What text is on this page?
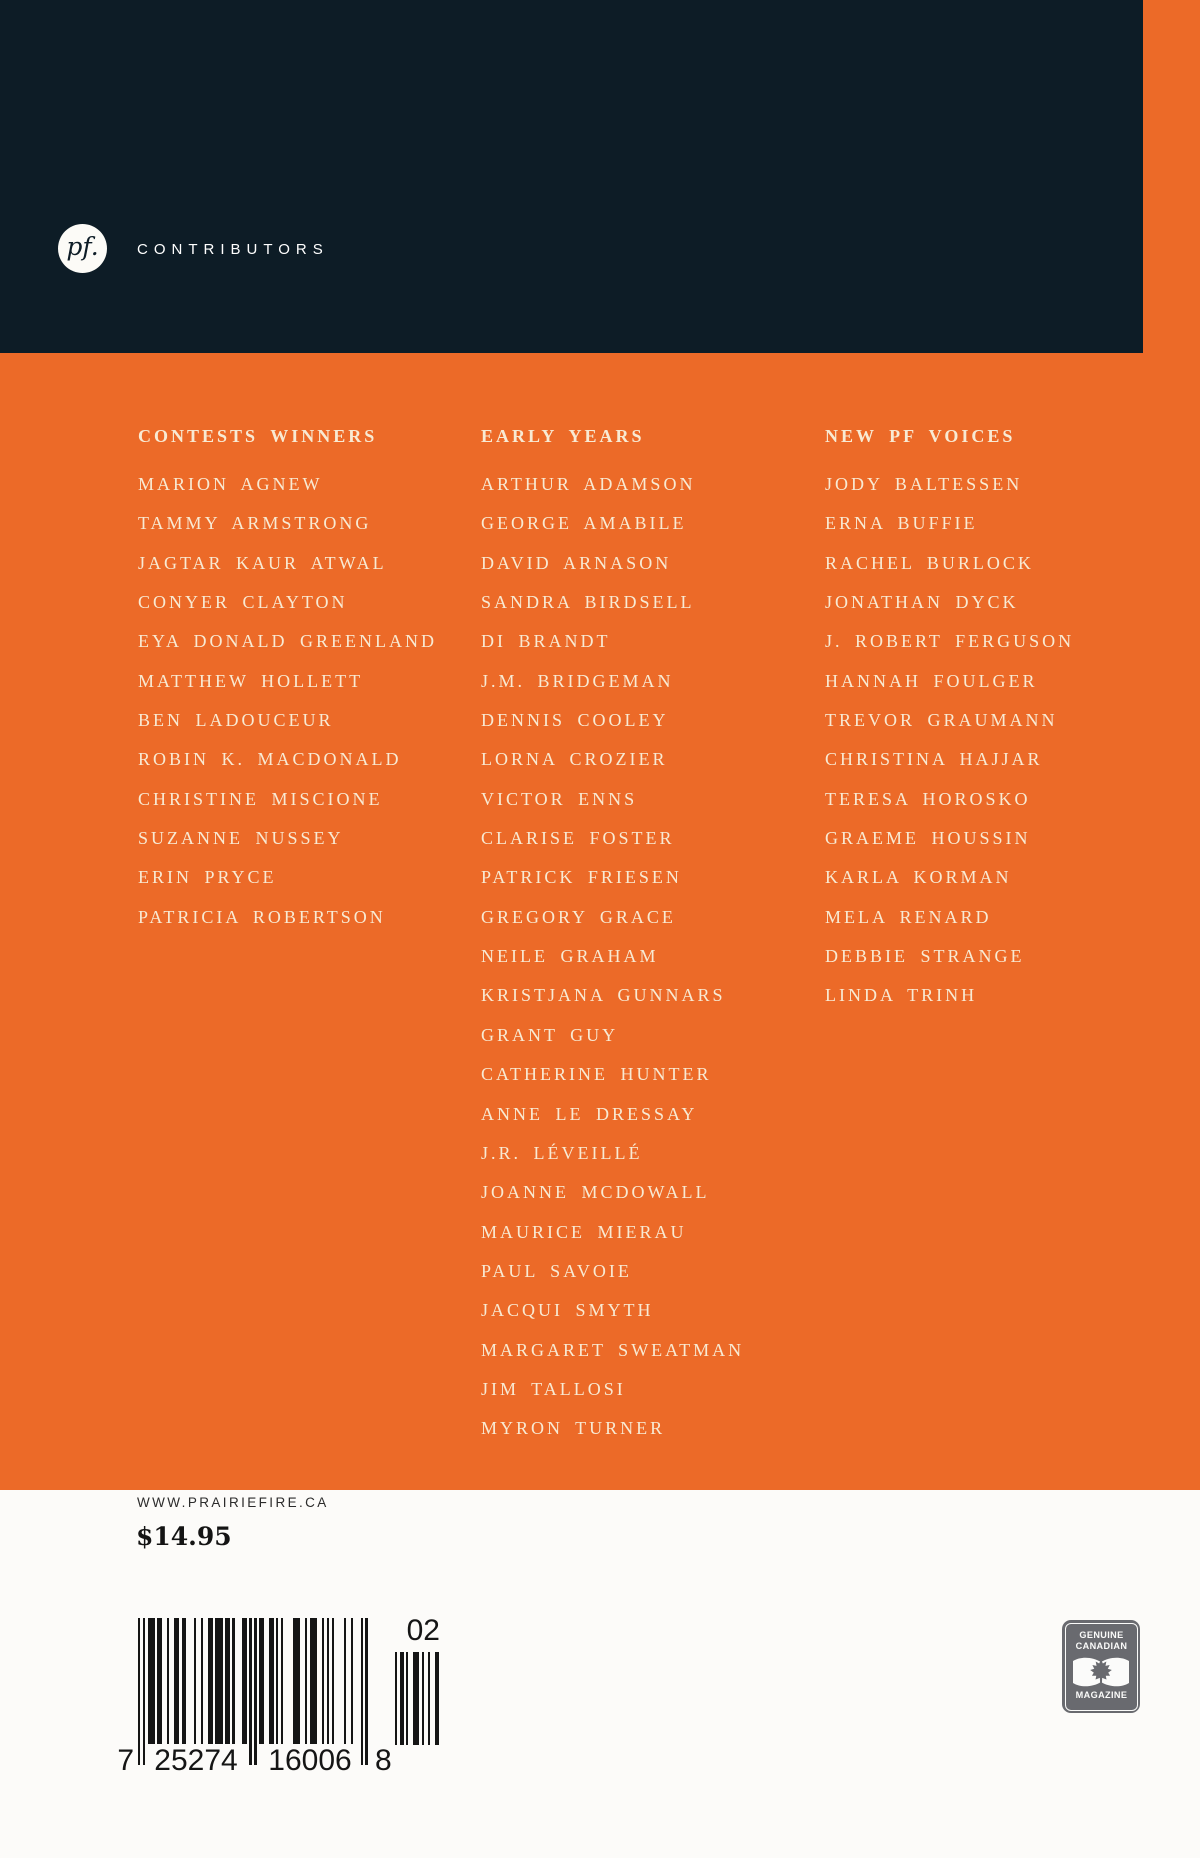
pf.	CONTRIBUTORS
CONTESTS WINNERS
MARION AGNEW
TAMMY ARMSTRONG
JAGTAR KAUR ATWAL
CONYER CLAYTON
EYA DONALD GREENLAND
MATTHEW HOLLETT
BEN LADOUCEUR
ROBIN K. MACDONALD
CHRISTINE MISCIONE
SUZANNE NUSSEY
ERIN PRYCE
PATRICIA ROBERTSON
EARLY YEARS
ARTHUR ADAMSON
GEORGE AMABILE
DAVID ARNASON
SANDRA BIRDSELL
DI BRANDT
J.M. BRIDGEMAN
DENNIS COOLEY
LORNA CROZIER
VICTOR ENNS
CLARISE FOSTER
PATRICK FRIESEN
GREGORY GRACE
NEILE GRAHAM
KRISTJANA GUNNARS
GRANT GUY
CATHERINE HUNTER
ANNE LE DRESSAY
J.R. LÉVEILLÉ
JOANNE MCDOWALL
MAURICE MIERAU
PAUL SAVOIE
JACQUI SMYTH
MARGARET SWEATMAN
JIM TALLOSI
MYRON TURNER
NEW PF VOICES
JODY BALTESSEN
ERNA BUFFIE
RACHEL BURLOCK
JONATHAN DYCK
J. ROBERT FERGUSON
HANNAH FOULGER
TREVOR GRAUMANN
CHRISTINA HAJJAR
TERESA HOROSKO
GRAEME HOUSSIN
KARLA KORMAN
MELA RENARD
DEBBIE STRANGE
LINDA TRINH
WWW.PRAIRIEFIRE.CA
$14.95
7 25274 16006 8
02	GENUINE
CANADIAN
MAGAZINE
